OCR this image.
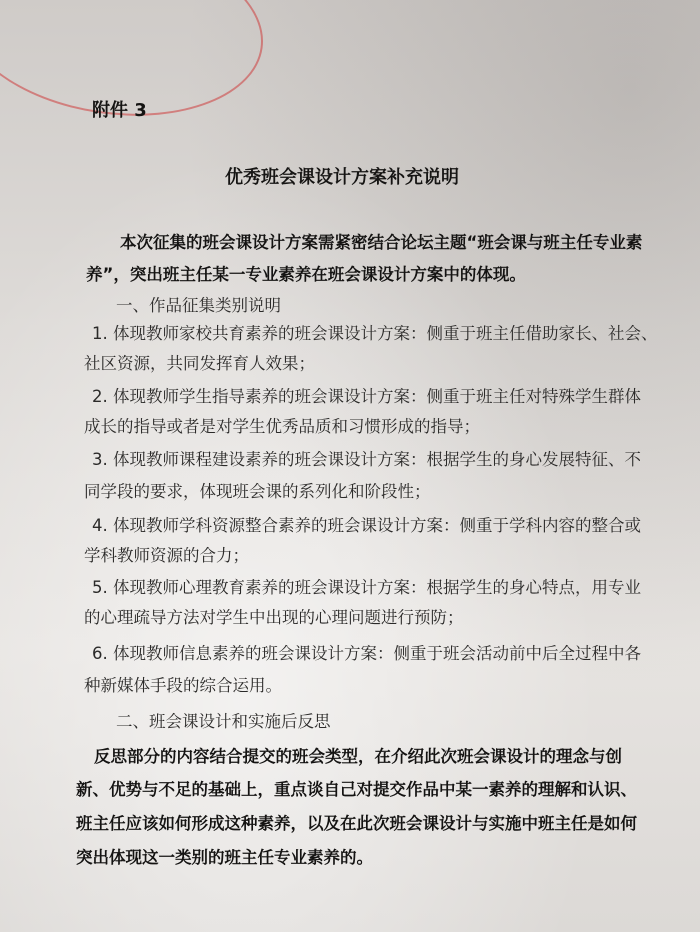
附件 3
优秀班会课设计方案补充说明
本次征集的班会课设计方案需紧密结合论坛主题“班会课与班主任专业素
养”，突出班主任某一专业素养在班会课设计方案中的体现。
一、作品征集类别说明
1. 体现教师家校共育素养的班会课设计方案：侧重于班主任借助家长、社会、
社区资源，共同发挥育人效果；
2. 体现教师学生指导素养的班会课设计方案：侧重于班主任对特殊学生群体
成长的指导或者是对学生优秀品质和习惯形成的指导；
3. 体现教师课程建设素养的班会课设计方案：根据学生的身心发展特征、不
同学段的要求，体现班会课的系列化和阶段性；
4. 体现教师学科资源整合素养的班会课设计方案：侧重于学科内容的整合或
学科教师资源的合力；
5. 体现教师心理教育素养的班会课设计方案：根据学生的身心特点，用专业
的心理疏导方法对学生中出现的心理问题进行预防；
6. 体现教师信息素养的班会课设计方案：侧重于班会活动前中后全过程中各
种新媒体手段的综合运用。
二、班会课设计和实施后反思
反思部分的内容结合提交的班会类型，在介绍此次班会课设计的理念与创
新、优势与不足的基础上，重点谈自己对提交作品中某一素养的理解和认识、
班主任应该如何形成这种素养，以及在此次班会课设计与实施中班主任是如何
突出体现这一类别的班主任专业素养的。
